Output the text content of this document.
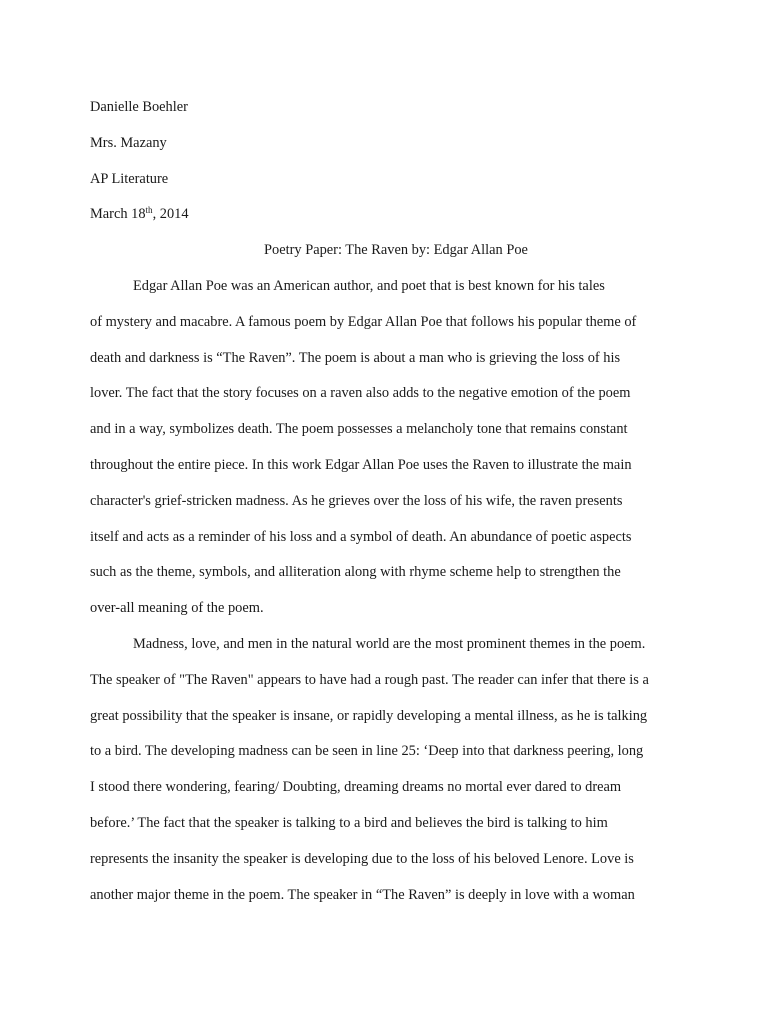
Danielle Boehler
Mrs. Mazany
AP Literature
March 18th, 2014
Poetry Paper: The Raven by: Edgar Allan Poe
Edgar Allan Poe was an American author, and poet that is best known for his tales
of mystery and macabre. A famous poem by Edgar Allan Poe that follows his popular theme of
death and darkness is “The Raven”. The poem is about a man who is grieving the loss of his
lover. The fact that the story focuses on a raven also adds to the negative emotion of the poem
and in a way, symbolizes death. The poem possesses a melancholy tone that remains constant
throughout the entire piece. In this work Edgar Allan Poe uses the Raven to illustrate the main
character's grief-stricken madness. As he grieves over the loss of his wife, the raven presents
itself and acts as a reminder of his loss and a symbol of death. An abundance of poetic aspects
such as the theme, symbols, and alliteration along with rhyme scheme help to strengthen the
over-all meaning of the poem.
Madness, love, and men in the natural world are the most prominent themes in the poem.
The speaker of "The Raven" appears to have had a rough past. The reader can infer that there is a
great possibility that the speaker is insane, or rapidly developing a mental illness, as he is talking
to a bird. The developing madness can be seen in line 25: ‘Deep into that darkness peering, long
I stood there wondering, fearing/ Doubting, dreaming dreams no mortal ever dared to dream
before.’ The fact that the speaker is talking to a bird and believes the bird is talking to him
represents the insanity the speaker is developing due to the loss of his beloved Lenore. Love is
another major theme in the poem. The speaker in “The Raven” is deeply in love with a woman
